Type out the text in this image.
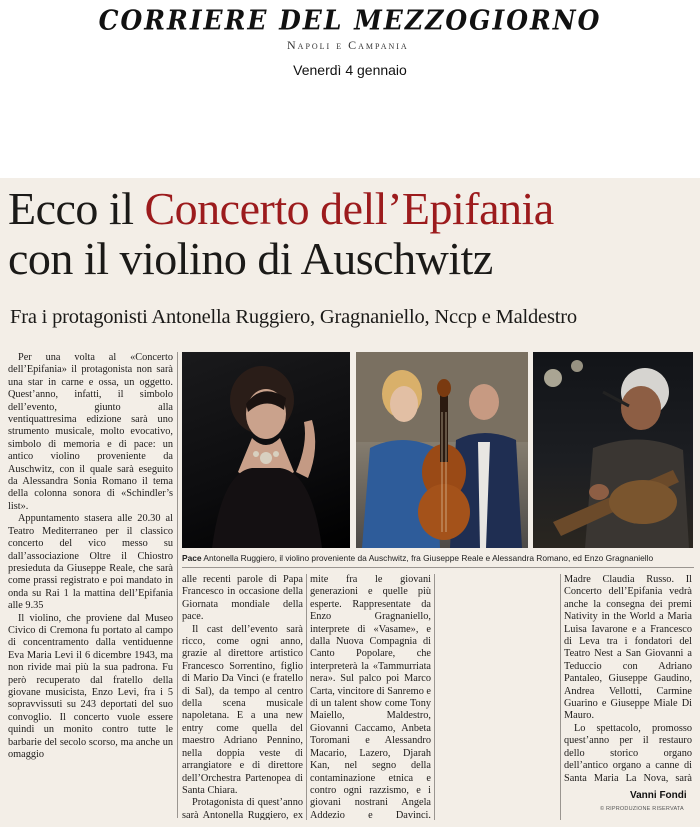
CORRIERE DEL MEZZOGIORNO
Napoli e Campania
Venerdì 4 gennaio
Ecco il Concerto dell’Epifania
con il violino di Auschwitz
Fra i protagonisti Antonella Ruggiero, Gragnaniello, Nccp e Maldestro

Per una volta al «Concerto dell’Epifania» il protagonista non sarà una star in carne e ossa, un oggetto. Quest’anno, infatti, il simbolo dell’evento, giunto alla ventiquattresima edizione sarà uno strumento musicale, molto evocativo, simbolo di memoria e di pace: un antico violino proveniente da Auschwitz, con il quale sarà eseguito da Alessandra Sonia Romano il tema della colonna sonora di «Schindler’s list».

Appuntamento stasera alle 20.30 al Teatro Mediterraneo per il classico concerto del vico messo su dall’associazione Oltre il Chiostro presieduta da Giuseppe Reale, che sarà come prassi registrato e poi mandato in onda su Rai 1 la mattina dell’Epifania alle 9.35

Il violino, che proviene dal Museo Civico di Cremona fu portato al campo di concentramento dalla ventiduenne Eva Maria Levi il 6 dicembre 1943, ma non rivide mai più la sua padrona. Fu però recuperato dal fratello della giovane musicista, Enzo Levi, fra i 5 sopravvissuti su 243 deportati del suo convoglio. Il concerto vuole essere quindi un monito contro tutte le barbarie del secolo scorso, ma anche un omaggio

Pace Antonella Ruggiero, il violino proveniente da Auschwitz, fra Giuseppe Reale e Alessandra Romano, ed Enzo Gragnaniello

alle recenti parole di Papa Francesco in occasione della Giornata mondiale della pace.

Il cast dell’evento sarà ricco, come ogni anno, grazie al direttore artistico Francesco Sorrentino, figlio di Mario Da Vinci (e fratello di Sal), da tempo al centro della scena musicale napoletana. E a una new entry come quella del maestro Adriano Pennino, nella doppia veste di arrangiatore e di direttore dell’Orchestra Partenopea di Santa Chiara.

Protagonista di quest’anno sarà Antonella Ruggiero, ex

mite fra le giovani generazioni e quelle più esperte. Rappresentate da Enzo Gragnaniello, interprete di «Vasame», e dalla Nuova Compagnia di Canto Popolare, che interpreterà la «Tammurriata nera». Sul palco poi Marco Carta, vincitore di Sanremo e di un talent show come Tony Maiello, Maldestro, Giovanni Caccamo, Anbeta Toromani e Alessandro Macario, Lazero, Djarah Kan, nel segno della contaminazione etnica e contro ogni razzismo, e i giovani nostrani Angela Addezio e Davinci.

Madre Claudia Russo. Il Concerto dell’Epifania vedrà anche la consegna dei premi Nativity in the World a Maria Luisa Iavarone e a Francesco di Leva tra i fondatori del Teatro Nest a San Giovanni a Teduccio con Adriano Pantaleo, Giuseppe Gaudino, Andrea Vellotti, Carmine Guarino e Giuseppe Miale Di Mauro.

Lo spettacolo, promosso quest’anno per il restauro dello storico organo dell’antico organo a canne di Santa Maria La Nova, sarà

Vanni Fondi
© RIPRODUZIONE RISERVATA
